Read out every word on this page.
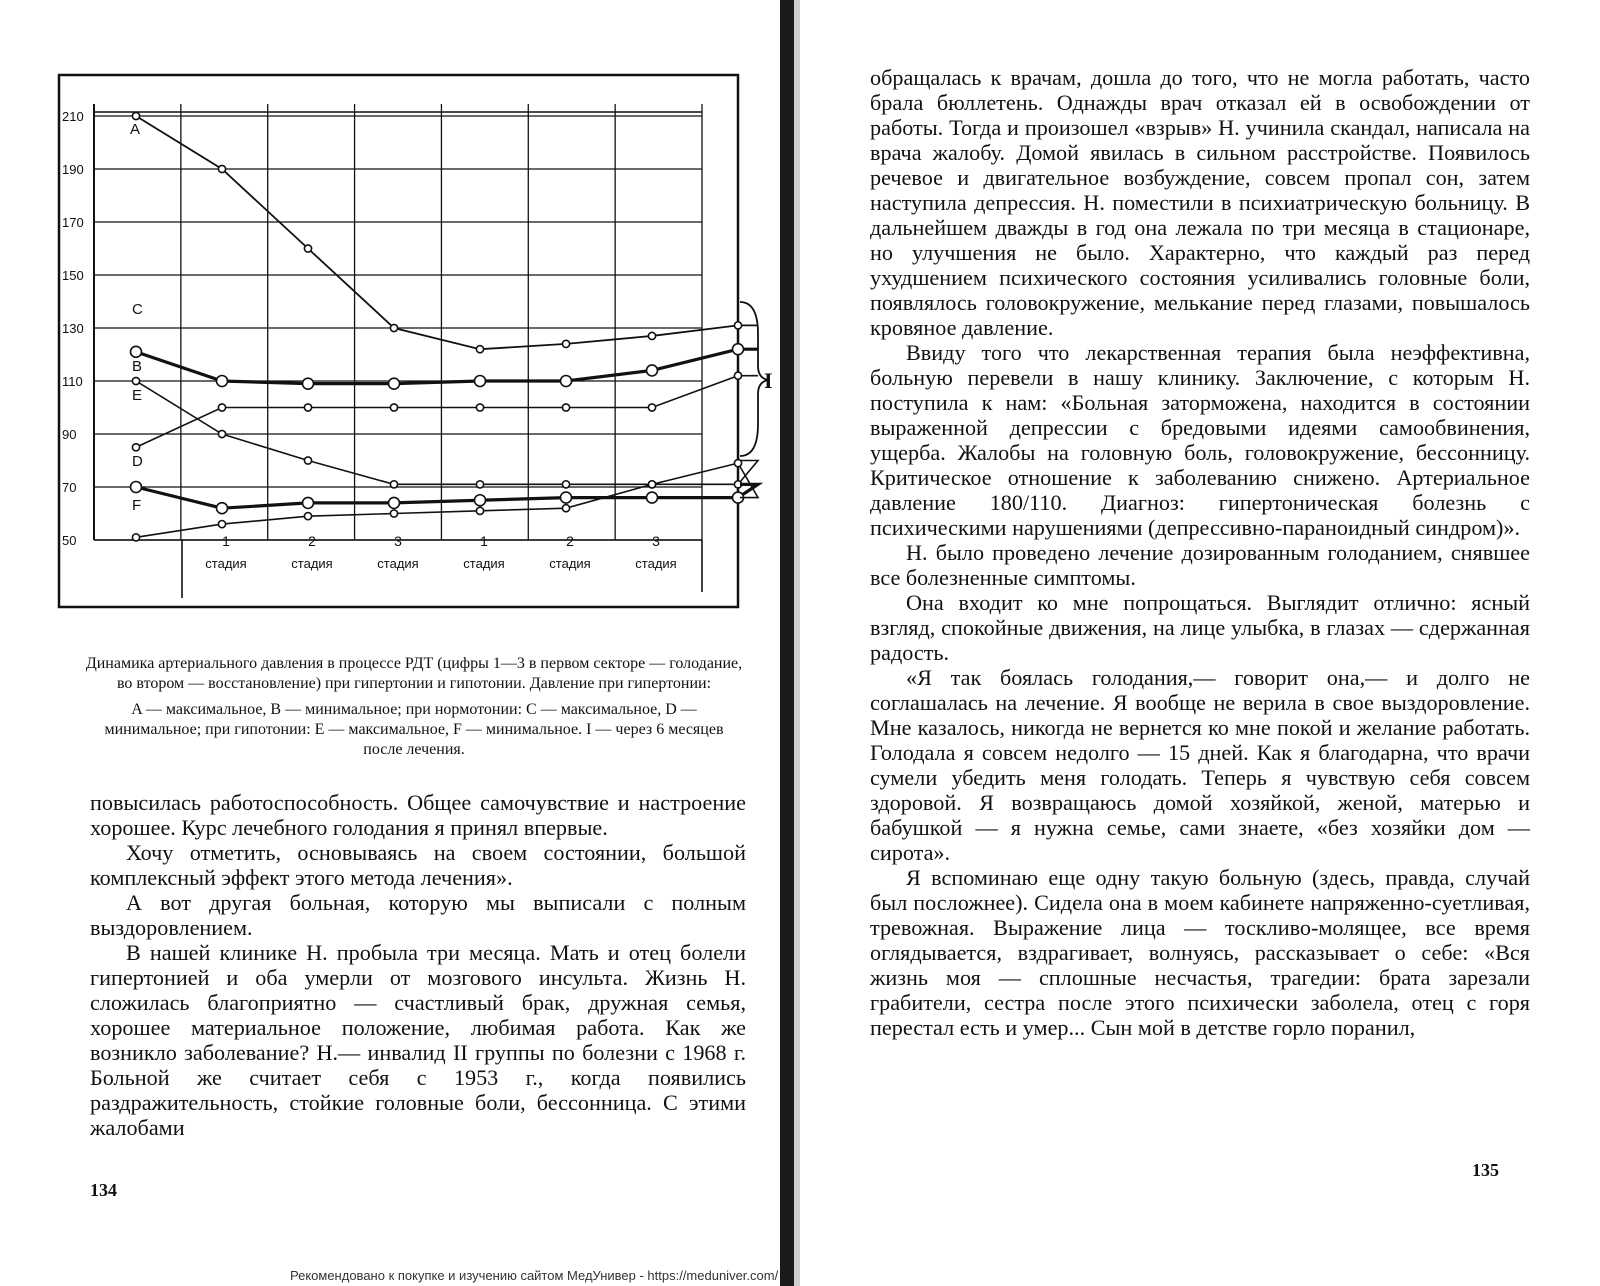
210
190
170
150
130
110
90
70
50	1
стадия
2
стадия
3
стадия
1
стадия
2
стадия
3
стадия
A
B
C
D
E
F
I

Динамика артериального давления в процессе РДТ (цифры 1—3 в первом секторе — голодание, во втором — восстановление) при гипертонии и гипотонии. Давление при гипертонии:

A — максимальное, B — минимальное; при нормотонии: C — максимальное, D — минимальное; при гипотонии: E — максимальное, F — минимальное. I — через 6 месяцев после лечения.

повысилась работоспособность. Общее самочувствие и настроение хорошее. Курс лечебного голодания я принял впервые.

Хочу отметить, основываясь на своем состоянии, большой комплексный эффект этого метода лечения».

А вот другая больная, которую мы выписали с полным выздоровлением.

В нашей клинике Н. пробыла три месяца. Мать и отец болели гипертонией и оба умерли от мозгового инсульта. Жизнь Н. сложилась благоприятно — счастливый брак, дружная семья, хорошее материальное положение, любимая работа. Как же возникло заболевание? Н.— инвалид II группы по болезни с 1968 г. Больной же считает себя с 1953 г., когда появились раздражительность, стойкие головные боли, бессонница. С этими жалобами

134

обращалась к врачам, дошла до того, что не могла работать, часто брала бюллетень. Однажды врач отказал ей в освобождении от работы. Тогда и произошел «взрыв» Н. учинила скандал, написала на врача жалобу. Домой явилась в сильном расстройстве. Появилось речевое и двигательное возбуждение, совсем пропал сон, затем наступила депрессия. Н. поместили в психиатрическую больницу. В дальнейшем дважды в год она лежала по три месяца в стационаре, но улучшения не было. Характерно, что каждый раз перед ухудшением психического состояния усиливались головные боли, появлялось головокружение, мелькание перед глазами, повышалось кровяное давление.

Ввиду того что лекарственная терапия была неэффективна, больную перевели в нашу клинику. Заключение, с которым Н. поступила к нам: «Больная заторможена, находится в состоянии выраженной депрессии с бредовыми идеями самообвинения, ущерба. Жалобы на головную боль, головокружение, бессонницу. Критическое отношение к заболеванию снижено. Артериальное давление 180/110. Диагноз: гипертоническая болезнь с психическими нарушениями (депрессивно-параноидный синдром)».

Н. было проведено лечение дозированным голоданием, снявшее все болезненные симптомы.

Она входит ко мне попрощаться. Выглядит отлично: ясный взгляд, спокойные движения, на лице улыбка, в глазах — сдержанная радость.

«Я так боялась голодания,— говорит она,— и долго не соглашалась на лечение. Я вообще не верила в свое выздоровление. Мне казалось, никогда не вернется ко мне покой и желание работать. Голодала я совсем недолго — 15 дней. Как я благодарна, что врачи сумели убедить меня голодать. Теперь я чувствую себя совсем здоровой. Я возвращаюсь домой хозяйкой, женой, матерью и бабушкой — я нужна семье, сами знаете, «без хозяйки дом — сирота».

Я вспоминаю еще одну такую больную (здесь, правда, случай был посложнее). Сидела она в моем кабинете напряженно-суетливая, тревожная. Выражение лица — тоскливо-молящее, все время оглядывается, вздрагивает, волнуясь, рассказывает о себе: «Вся жизнь моя — сплошные несчастья, трагедии: брата зарезали грабители, сестра после этого психически заболела, отец с горя перестал есть и умер... Сын мой в детстве горло поранил,

135
Рекомендовано к покупке и изучению сайтом МедУнивер - https://meduniver.com/
